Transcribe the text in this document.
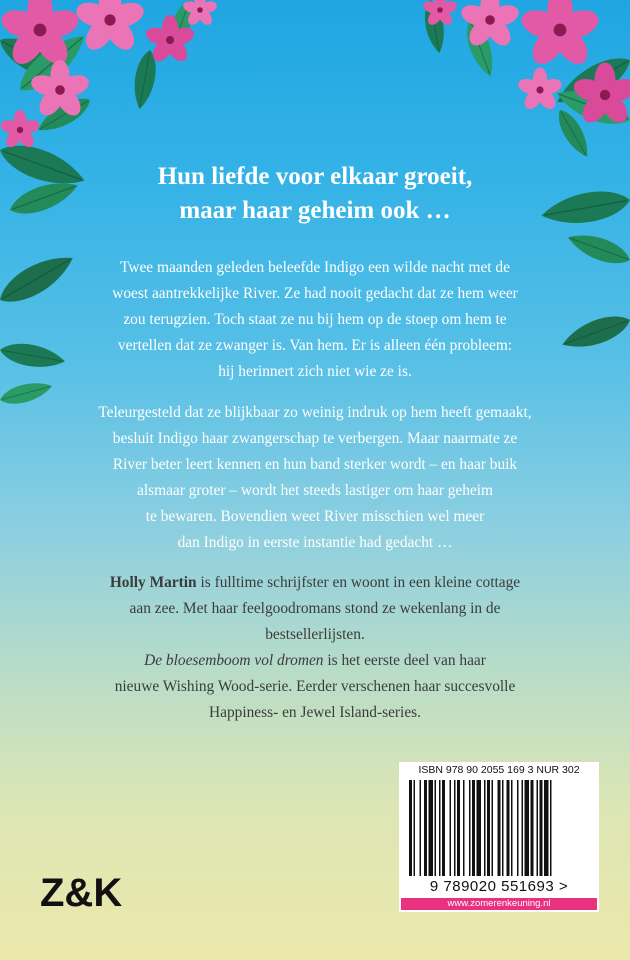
Hun liefde voor elkaar groeit,

maar haar geheim ook …

Twee maanden geleden beleefde Indigo een wilde nacht met de
woest aantrekkelijke River. Ze had nooit gedacht dat ze hem weer
zou terugzien. Toch staat ze nu bij hem op de stoep om hem te
vertellen dat ze zwanger is. Van hem. Er is alleen één probleem:
hij herinnert zich niet wie ze is.

Teleurgesteld dat ze blijkbaar zo weinig indruk op hem heeft gemaakt,
besluit Indigo haar zwangerschap te verbergen. Maar naarmate ze
River beter leert kennen en hun band sterker wordt – en haar buik
alsmaar groter – wordt het steeds lastiger om haar geheim
te bewaren. Bovendien weet River misschien wel meer
dan Indigo in eerste instantie had gedacht …

Holly Martin is fulltime schrijfster en woont in een kleine cottage
aan zee. Met haar feelgoodromans stond ze wekenlang in de
bestsellerlijsten.
De bloesemboom vol dromen is het eerste deel van haar
nieuwe Wishing Wood-serie. Eerder verschenen haar succesvolle
Happiness- en Jewel Island-series.

Z&K
ISBN 978 90 2055 169 3 NUR 302
9 789020 551693 >
www.zomerenkeuning.nl
